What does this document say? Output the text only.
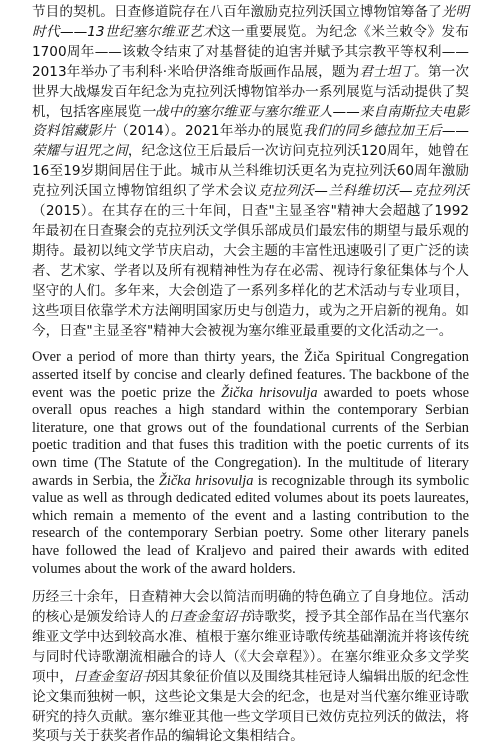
节目的契机。日查修道院存在八百年激励克拉列沃国立博物馆筹备了光明时代——13世纪塞尔维亚艺术这一重要展览。为纪念《米兰敕令》发布1700周年——该敕令结束了对基督徒的迫害并赋予其宗教平等权利——2013年举办了韦利科·米哈伊洛维奇版画作品展，题为君士坦丁。第一次世界大战爆发百年纪念为克拉列沃博物馆举办一系列展览与活动提供了契机，包括客座展览一战中的塞尔维亚与塞尔维亚人——来自南斯拉夫电影资料馆藏影片（2014）。2021年举办的展览我们的同乡德拉加王后——荣耀与诅咒之间，纪念这位王后最后一次访问克拉列沃120周年，她曾在16至19岁期间居住于此。城市从兰科维切沃更名为克拉列沃60周年激励克拉列沃国立博物馆组织了学术会议克拉列沃—兰科维切沃—克拉列沃（2015）。在其存在的三十年间，日查"主显圣容"精神大会超越了1992年最初在日查聚会的克拉列沃文学俱乐部成员们最宏伟的期望与最乐观的期待。最初以纯文学节庆启动，大会主题的丰富性迅速吸引了更广泛的读者、艺术家、学者以及所有视精神性为存在必需、视诗行象征集体与个人坚守的人们。多年来，大会创造了一系列多样化的艺术活动与专业项目，这些项目依靠学术方法阐明国家历史与创造力，或为之开启新的视角。如今，日查"主显圣容"精神大会被视为塞尔维亚最重要的文化活动之一。

Over a period of more than thirty years, the Žiča Spiritual Congregation asserted itself by concise and clearly defined features. The backbone of the event was the poetic prize the Žička hrisovulja awarded to poets whose overall opus reaches a high standard within the contemporary Serbian literature, one that grows out of the foundational currents of the Serbian poetic tradition and that fuses this tradition with the poetic currents of its own time (The Statute of the Congregation). In the multitude of literary awards in Serbia, the Žička hrisovulja is recognizable through its symbolic value as well as through dedicated edited volumes about its poets laureates, which remain a memento of the event and a lasting contribution to the research of the contemporary Serbian poetry. Some other literary panels have followed the lead of Kraljevo and paired their awards with edited volumes about the work of the award holders.

历经三十余年，日查精神大会以简洁而明确的特色确立了自身地位。活动的核心是颁发给诗人的日查金玺诏书诗歌奖，授予其全部作品在当代塞尔维亚文学中达到较高水准、植根于塞尔维亚诗歌传统基础潮流并将该传统与同时代诗歌潮流相融合的诗人（《大会章程》）。在塞尔维亚众多文学奖项中，日查金玺诏书因其象征价值以及围绕其桂冠诗人编辑出版的纪念性论文集而独树一帜，这些论文集是大会的纪念，也是对当代塞尔维亚诗歌研究的持久贡献。塞尔维亚其他一些文学项目已效仿克拉列沃的做法，将奖项与关于获奖者作品的编辑论文集相结合。
